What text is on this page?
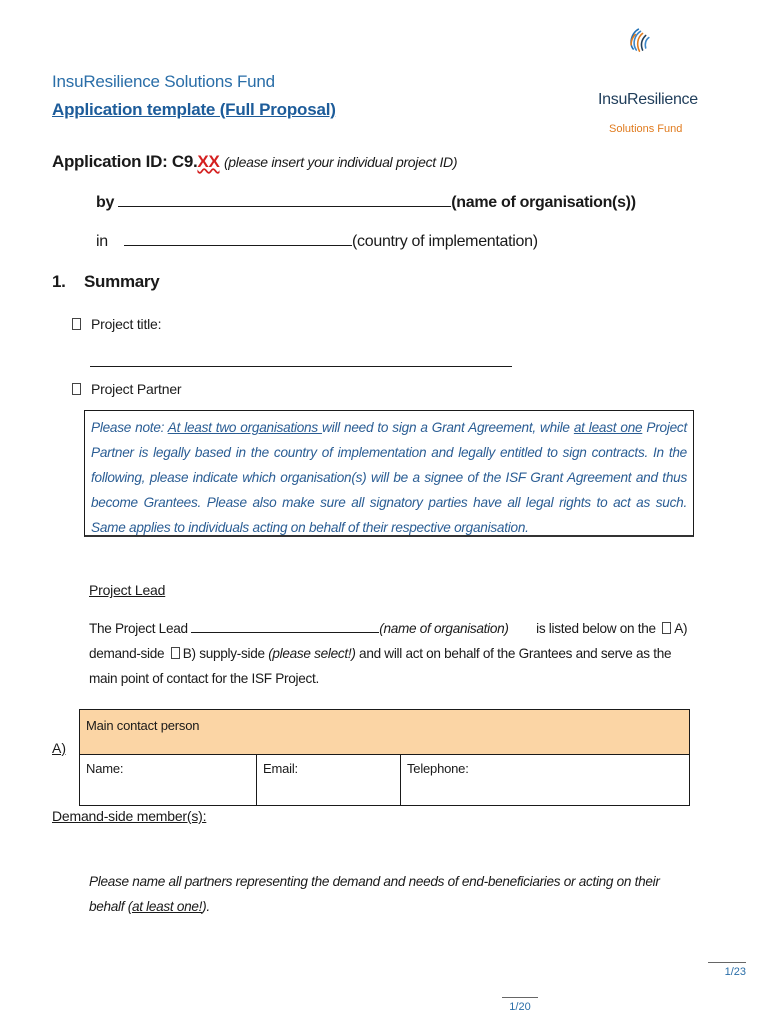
InsuResilience Solutions Fund
Application template (Full Proposal)
InsuResilience
Solutions Fund
Application ID: C9.XX (please insert your individual project ID)
by	(name of organisation(s))
in	(country of implementation)
1. Summary
Project title:
Project Partner
Please note: At least two organisations will need to sign a Grant Agreement, while at least one Project Partner is legally based in the country of implementation and legally entitled to sign contracts. In the following, please indicate which organisation(s) will be a signee of the ISF Grant Agreement and thus become Grantees. Please also make sure all signatory parties have all legal rights to act as such. Same applies to individuals acting on behalf of their respective organisation.
Project Lead
The Project Lead	(name of organisation) is listed below on the A) demand-side B) supply-side (please select!) and will act on behalf of the Grantees and serve as the main point of contact for the ISF Project.
A)
Main contact person
Name:	Email:	Telephone:
Demand-side member(s):
Please name all partners representing the demand and needs of end-beneficiaries or acting on their behalf (at least one!).
1/23
1/20
